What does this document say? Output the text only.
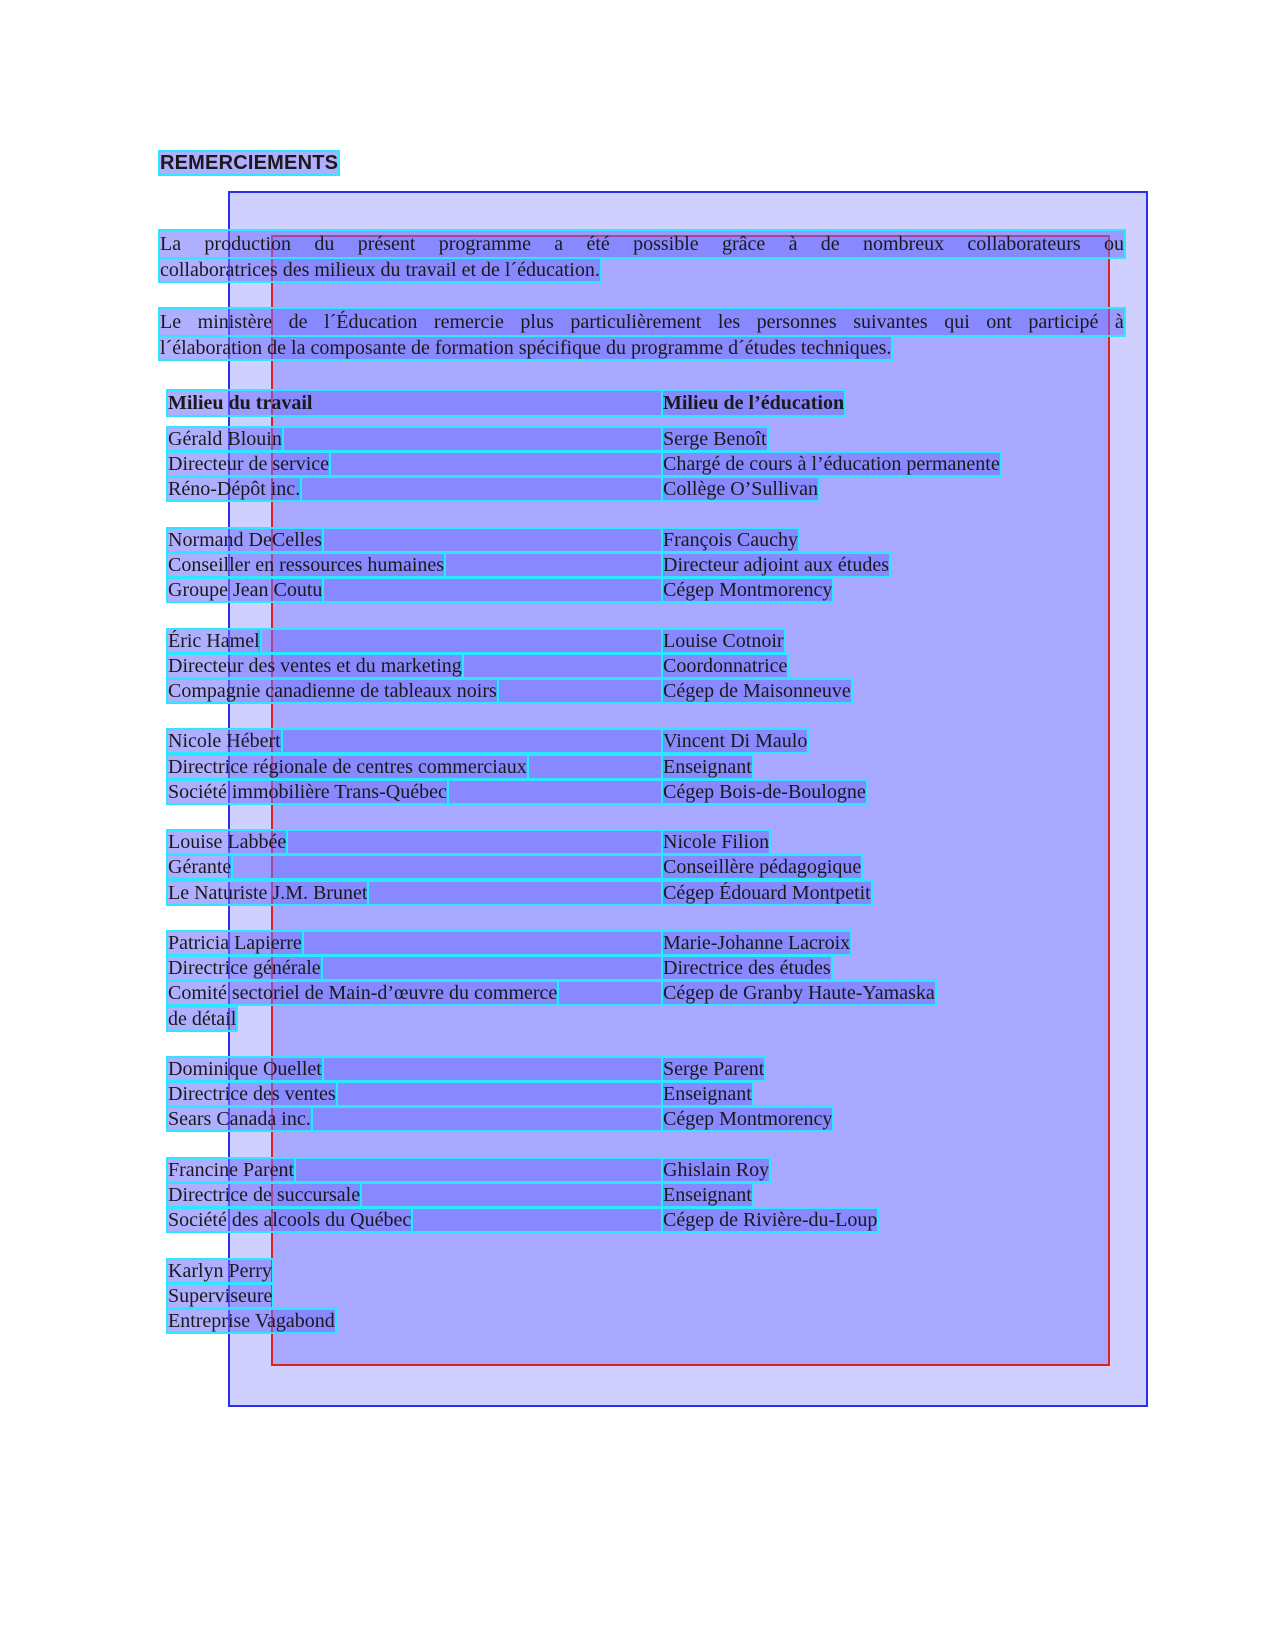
REMERCIEMENTS
La production du présent programme a été possible grâce à de nombreux collaborateurs ou
collaboratrices des milieux du travail et de l´éducation.
Le ministère de l´Éducation remercie plus particulièrement les personnes suivantes qui ont participé à
l´élaboration de la composante de formation spécifique du programme d´études techniques.
Milieu du travail	Milieu de l’éducation
Gérald Blouin	Serge Benoît
Directeur de service	Chargé de cours à l’éducation permanente
Réno-Dépôt inc.	Collège O’Sullivan
Normand DeCelles	François Cauchy
Conseiller en ressources humaines	Directeur adjoint aux études
Groupe Jean Coutu	Cégep Montmorency
Éric Hamel	Louise Cotnoir
Directeur des ventes et du marketing	Coordonnatrice
Compagnie canadienne de tableaux noirs	Cégep de Maisonneuve
Nicole Hébert	Vincent Di Maulo
Directrice régionale de centres commerciaux	Enseignant
Société immobilière Trans-Québec	Cégep Bois-de-Boulogne
Louise Labbée	Nicole Filion
Gérante	Conseillère pédagogique
Le Naturiste J.M. Brunet	Cégep Édouard Montpetit
Patricia Lapierre	Marie-Johanne Lacroix
Directrice générale	Directrice des études
Comité sectoriel de Main-d’œuvre du commerce	Cégep de Granby Haute-Yamaska
de détail
Dominique Ouellet	Serge Parent
Directrice des ventes	Enseignant
Sears Canada inc.	Cégep Montmorency
Francine Parent	Ghislain Roy
Directrice de succursale	Enseignant
Société des alcools du Québec	Cégep de Rivière-du-Loup
Karlyn Perry
Superviseure
Entreprise Vagabond
